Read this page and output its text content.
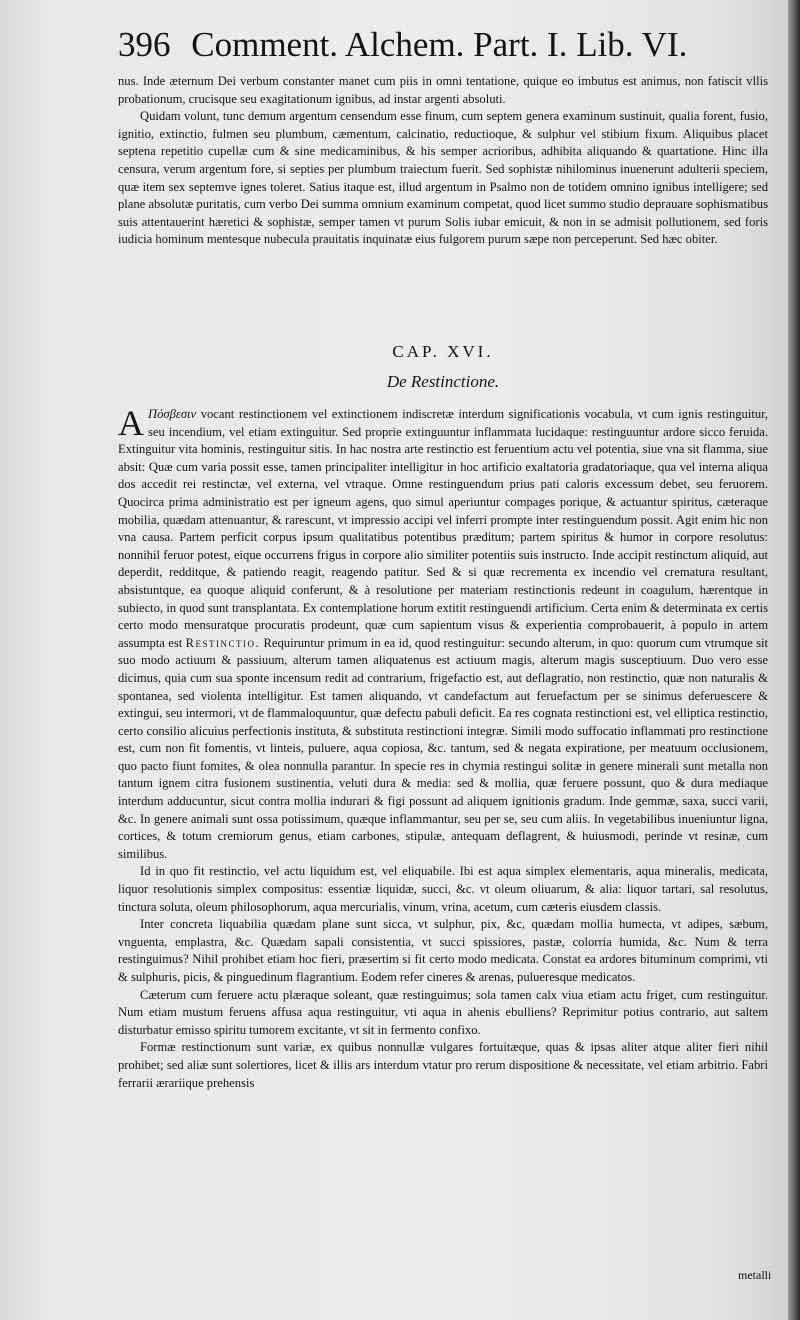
396 Comment. Alchem. Part. I. Lib. VI.

nus. Inde æternum Dei verbum constanter manet cum piis in omni tentatione, quique eo imbutus est animus, non fatiscit vllis probationum, crucisque seu exagitationum ignibus, ad instar argenti absoluti.

Quidam volunt, tunc demum argentum censendum esse finum, cum septem genera examinum sustinuit, qualia forent, fusio, ignitio, extinctio, fulmen seu plumbum, cæmentum, calcinatio, reductioque, & sulphur vel stibium fixum. Aliquibus placet septena repetitio cupellæ cum & sine medicaminibus, & his semper acrioribus, adhibita aliquando & quartatione. Hinc illa censura, verum argentum fore, si septies per plumbum traiectum fuerit. Sed sophistæ nihilominus inuenerunt adulterii speciem, quæ item sex septemve ignes toleret. Satius itaque est, illud argentum in Psalmo non de totidem omnino ignibus intelligere; sed plane absolutæ puritatis, cum verbo Dei summa omnium examinum competat, quod licet summo studio deprauare sophismatibus suis attentauerint hæretici & sophistæ, semper tamen vt purum Solis iubar emicuit, & non in se admisit pollutionem, sed foris iudicia hominum mentesque nubecula prauitatis inquinatæ eius fulgorem purum sæpe non perceperunt. Sed hæc obiter.

CAP. XVI.
De Restinctione.

A Πόσβεσιν vocant restinctionem vel extinctionem indiscretæ interdum significationis vocabula, vt cum ignis restinguitur, seu incendium, vel etiam extinguitur. Sed proprie extinguuntur inflammata lucidaque: restinguuntur ardore sicco feruida. Extinguitur vita hominis, restinguitur sitis. In hac nostra arte restinctio est feruentium actu vel potentia, siue vna sit flamma, siue absit: Quæ cum varia possit esse, tamen principaliter intelligitur in hoc artificio exaltatoria gradatoriaque, qua vel interna aliqua dos accedit rei restinctæ, vel externa, vel vtraque. Omne restinguendum prius pati caloris excessum debet, seu feruorem. Quocirca prima administratio est per igneum agens, quo simul aperiuntur compages porique, & actuantur spiritus, cæteraque mobilia, quædam attenuantur, & rarescunt, vt impressio accipi vel inferri prompte inter restinguendum possit. Agit enim hic non vna causa. Partem perficit corpus ipsum qualitatibus potentibus præditum; partem spiritus & humor in corpore resolutus: nonnihil feruor potest, eique occurrens frigus in corpore alio similiter potentiis suis instructo. Inde accipit restinctum aliquid, aut deperdit, redditque, & patiendo reagit, reagendo patitur. Sed & si quæ recrementa ex incendio vel crematura resultant, absistuntque, ea quoque aliquid conferunt, & à resolutione per materiam restinctionis redeunt in coagulum, hærentque in subiecto, in quod sunt transplantata. Ex contemplatione horum extitit restinguendi artificium. Certa enim & determinata ex certis certo modo mensuratque procuratis prodeunt, quæ cum sapientum visus & experientia comprobauerit, à populo in artem assumpta est Restinctio. Requiruntur primum in ea id, quod restinguitur: secundo alterum, in quo: quorum cum vtrumque sit suo modo actiuum & passiuum, alterum tamen aliquatenus est actiuum magis, alterum magis susceptiuum. Duo vero esse dicimus, quia cum sua sponte incensum redit ad contrarium, frigefactio est, aut deflagratio, non restinctio, quæ non naturalis & spontanea, sed violenta intelligitur. Est tamen aliquando, vt candefactum aut feruefactum per se sinimus deferuescere & extingui, seu intermori, vt de flammaloquuntur, quæ defectu pabuli deficit. Ea res cognata restinctioni est, vel elliptica restinctio, certo consilio alicuius perfectionis instituta, & substituta restinctioni integræ. Simili modo suffocatio inflammati pro restinctione est, cum non fit fomentis, vt linteis, puluere, aqua copiosa, &c. tantum, sed & negata expiratione, per meatuum occlusionem, quo pacto fiunt fomites, & olea nonnulla parantur. In specie res in chymia restingui solitæ in genere minerali sunt metalla non tantum ignem citra fusionem sustinentia, veluti dura & media: sed & mollia, quæ feruere possunt, quo & dura mediaque interdum adducuntur, sicut contra mollia indurari & figi possunt ad aliquem ignitionis gradum. Inde gemmæ, saxa, succi varii, &c. In genere animali sunt ossa potissimum, quæque inflammantur, seu per se, seu cum aliis. In vegetabilibus inueniuntur ligna, cortices, & totum cremiorum genus, etiam carbones, stipulæ, antequam deflagrent, & huiusmodi, perinde vt resinæ, cum similibus.

Id in quo fit restinctio, vel actu liquidum est, vel eliquabile. Ibi est aqua simplex elementaris, aqua mineralis, medicata, liquor resolutionis simplex compositus: essentiæ liquidæ, succi, &c. vt oleum oliuarum, & alia: liquor tartari, sal resolutus, tinctura soluta, oleum philosophorum, aqua mercurialis, vinum, vrina, acetum, cum cæteris eiusdem classis.

Inter concreta liquabilia quædam plane sunt sicca, vt sulphur, pix, &c, quædam mollia humecta, vt adipes, sæbum, vnguenta, emplastra, &c. Quædam sapali consistentia, vt succi spissiores, pastæ, colorria humida, &c. Num & terra restinguimus? Nihil prohibet etiam hoc fieri, præsertim si fit certo modo medicata. Constat ea ardores bituminum comprimi, vti & sulphuris, picis, & pinguedinum flagrantium. Eodem refer cineres & arenas, pulueresque medicatos.

Cæterum cum feruere actu plæraque soleant, quæ restinguimus; sola tamen calx viua etiam actu friget, cum restinguitur. Num etiam mustum feruens affusa aqua restinguitur, vti aqua in ahenis ebulliens? Reprimitur potius contrario, aut saltem disturbatur emisso spiritu tumorem excitante, vt sit in fermento confixo.

Formæ restinctionum sunt variæ, ex quibus nonnullæ vulgares fortuitæque, quas & ipsas aliter atque aliter fieri nihil prohibet; sed aliæ sunt solertiores, licet & illis ars interdum vtatur pro rerum dispositione & necessitate, vel etiam arbitrio. Fabri ferrarii ærariique prehensis

metalli
